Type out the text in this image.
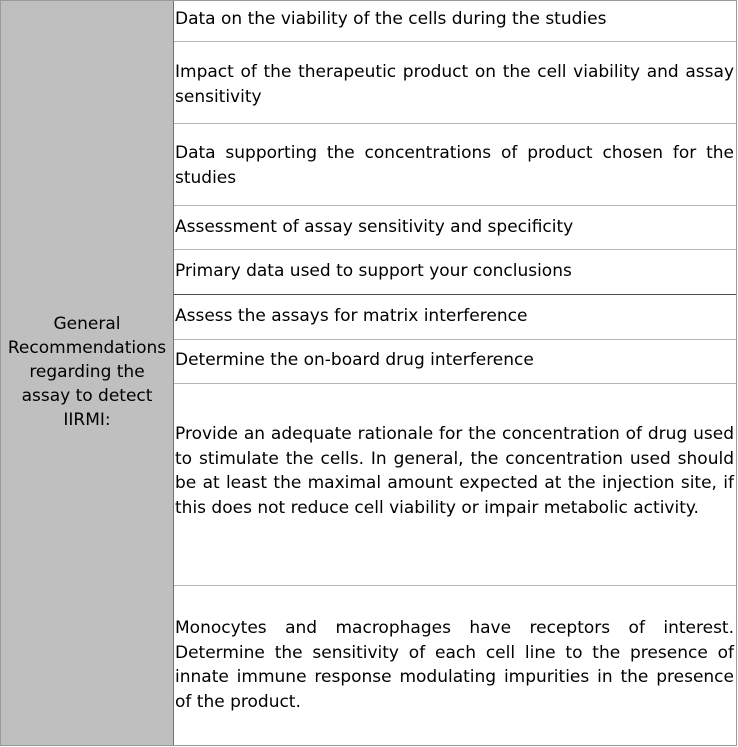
General Recommendations regarding the assay to detect IIRMI:
Data on the viability of the cells during the studies
Impact of the therapeutic product on the cell viability and assay sensitivity
Data supporting the concentrations of product chosen for the studies
Assessment of assay sensitivity and specificity
Primary data used to support your conclusions
Assess the assays for matrix interference
Determine the on-board drug interference
Provide an adequate rationale for the concentration of drug used to stimulate the cells. In general, the concentration used should be at least the maximal amount expected at the injection site, if this does not reduce cell viability or impair metabolic activity.
Monocytes and macrophages have receptors of interest. Determine the sensitivity of each cell line to the presence of innate immune response modulating impurities in the presence of the product.
